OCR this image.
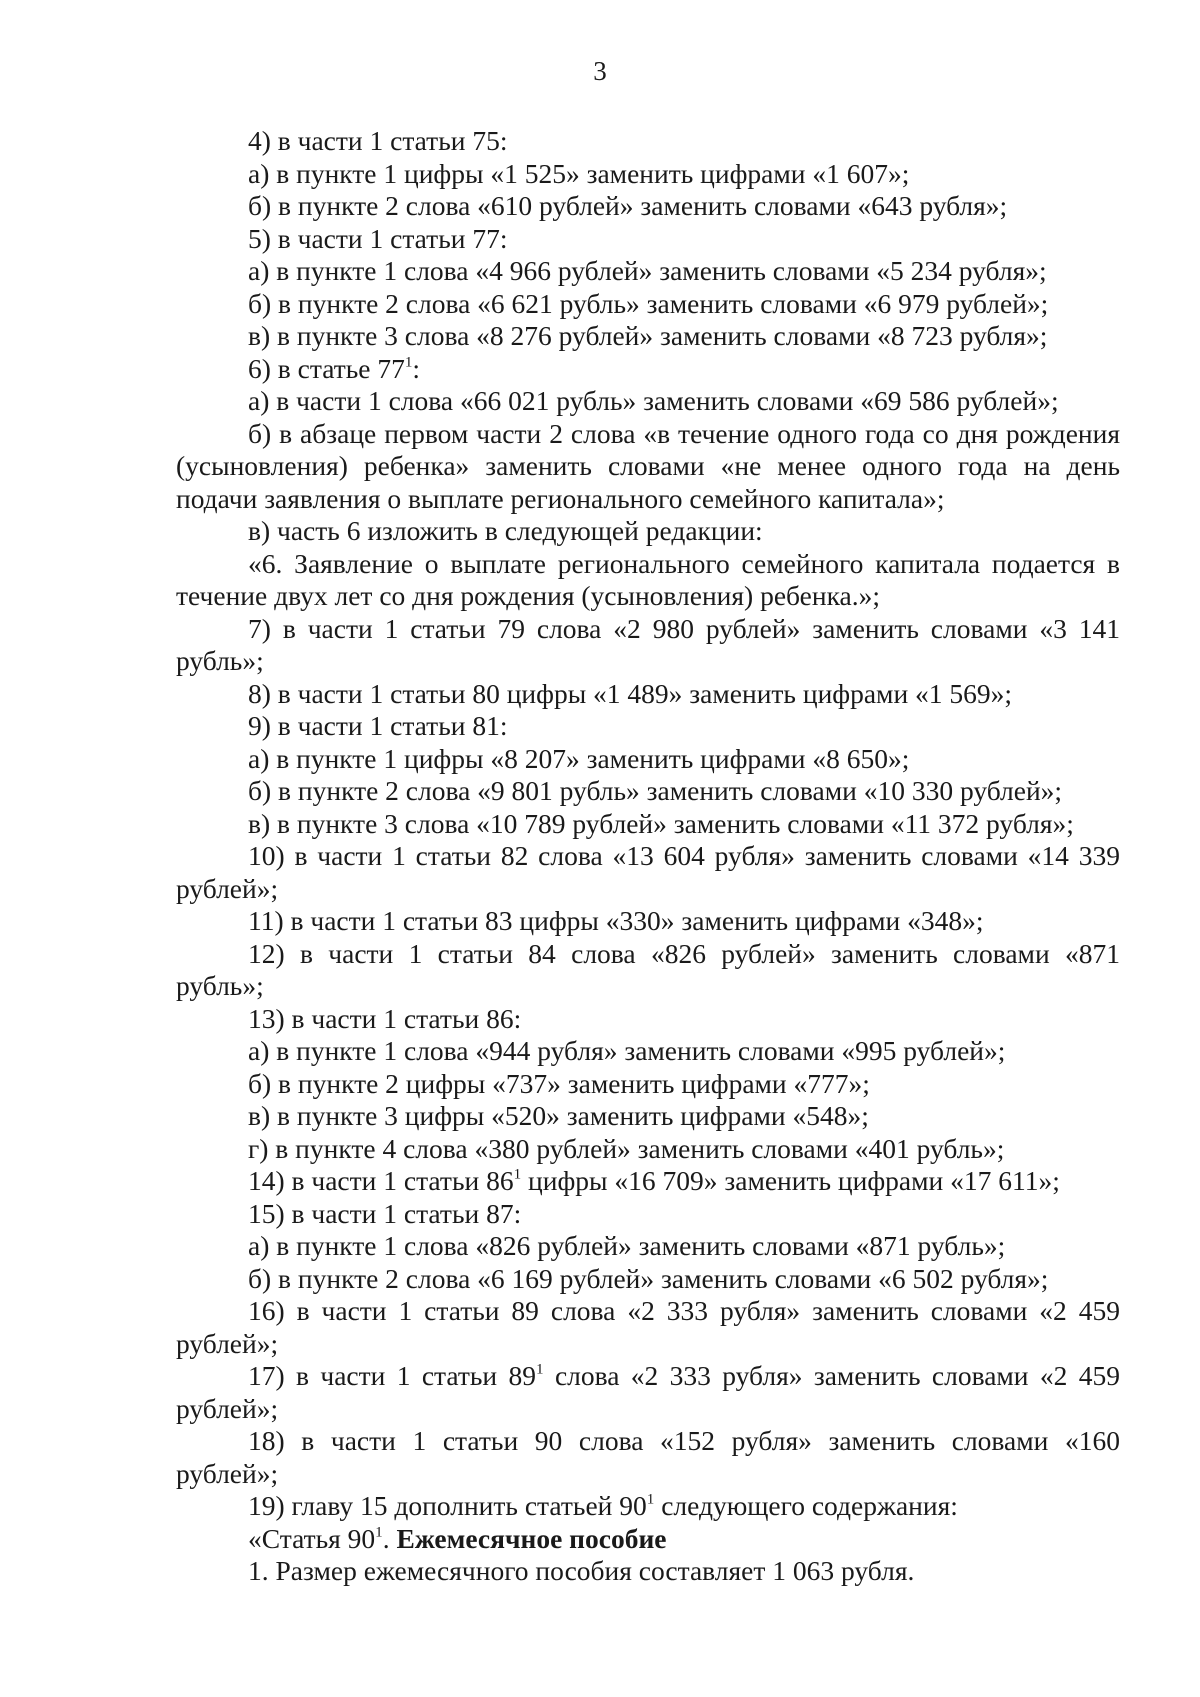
3

4) в части 1 статьи 75:

а) в пункте 1 цифры «1 525» заменить цифрами «1 607»;

б) в пункте 2 слова «610 рублей» заменить словами «643 рубля»;

5) в части 1 статьи 77:

а) в пункте 1 слова «4 966 рублей» заменить словами «5 234 рубля»;

б) в пункте 2 слова «6 621 рубль» заменить словами «6 979 рублей»;

в) в пункте 3 слова «8 276 рублей» заменить словами «8 723 рубля»;

6) в статье $77^1$:

а) в части 1 слова «66 021 рубль» заменить словами «69 586 рублей»;

б) в абзаце первом части 2 слова «в течение одного года со дня рождения (усыновления) ребенка» заменить словами «не менее одного года на день подачи заявления о выплате регионального семейного капитала»;

в) часть 6 изложить в следующей редакции:

«6. Заявление о выплате регионального семейного капитала подается в течение двух лет со дня рождения (усыновления) ребенка.»;

7) в части 1 статьи 79 слова «2 980 рублей» заменить словами «3 141 рубль»;

8) в части 1 статьи 80 цифры «1 489» заменить цифрами «1 569»;

9) в части 1 статьи 81:

а) в пункте 1 цифры «8 207» заменить цифрами «8 650»;

б) в пункте 2 слова «9 801 рубль» заменить словами «10 330 рублей»;

в) в пункте 3 слова «10 789 рублей» заменить словами «11 372 рубля»;

10) в части 1 статьи 82 слова «13 604 рубля» заменить словами «14 339 рублей»;

11) в части 1 статьи 83 цифры «330» заменить цифрами «348»;

12) в части 1 статьи 84 слова «826 рублей» заменить словами «871 рубль»;

13) в части 1 статьи 86:

а) в пункте 1 слова «944 рубля» заменить словами «995 рублей»;

б) в пункте 2 цифры «737» заменить цифрами «777»;

в) в пункте 3 цифры «520» заменить цифрами «548»;

г) в пункте 4 слова «380 рублей» заменить словами «401 рубль»;

14) в части 1 статьи $86^1$ цифры «16 709» заменить цифрами «17 611»;

15) в части 1 статьи 87:

а) в пункте 1 слова «826 рублей» заменить словами «871 рубль»;

б) в пункте 2 слова «6 169 рублей» заменить словами «6 502 рубля»;

16) в части 1 статьи 89 слова «2 333 рубля» заменить словами «2 459 рублей»;

17) в части 1 статьи $89^1$ слова «2 333 рубля» заменить словами «2 459 рублей»;

18) в части 1 статьи 90 слова «152 рубля» заменить словами «160 рублей»;

19) главу 15 дополнить статьей $90^1$ следующего содержания:

«Статья $90^1$. Ежемесячное пособие

1. Размер ежемесячного пособия составляет 1 063 рубля.
